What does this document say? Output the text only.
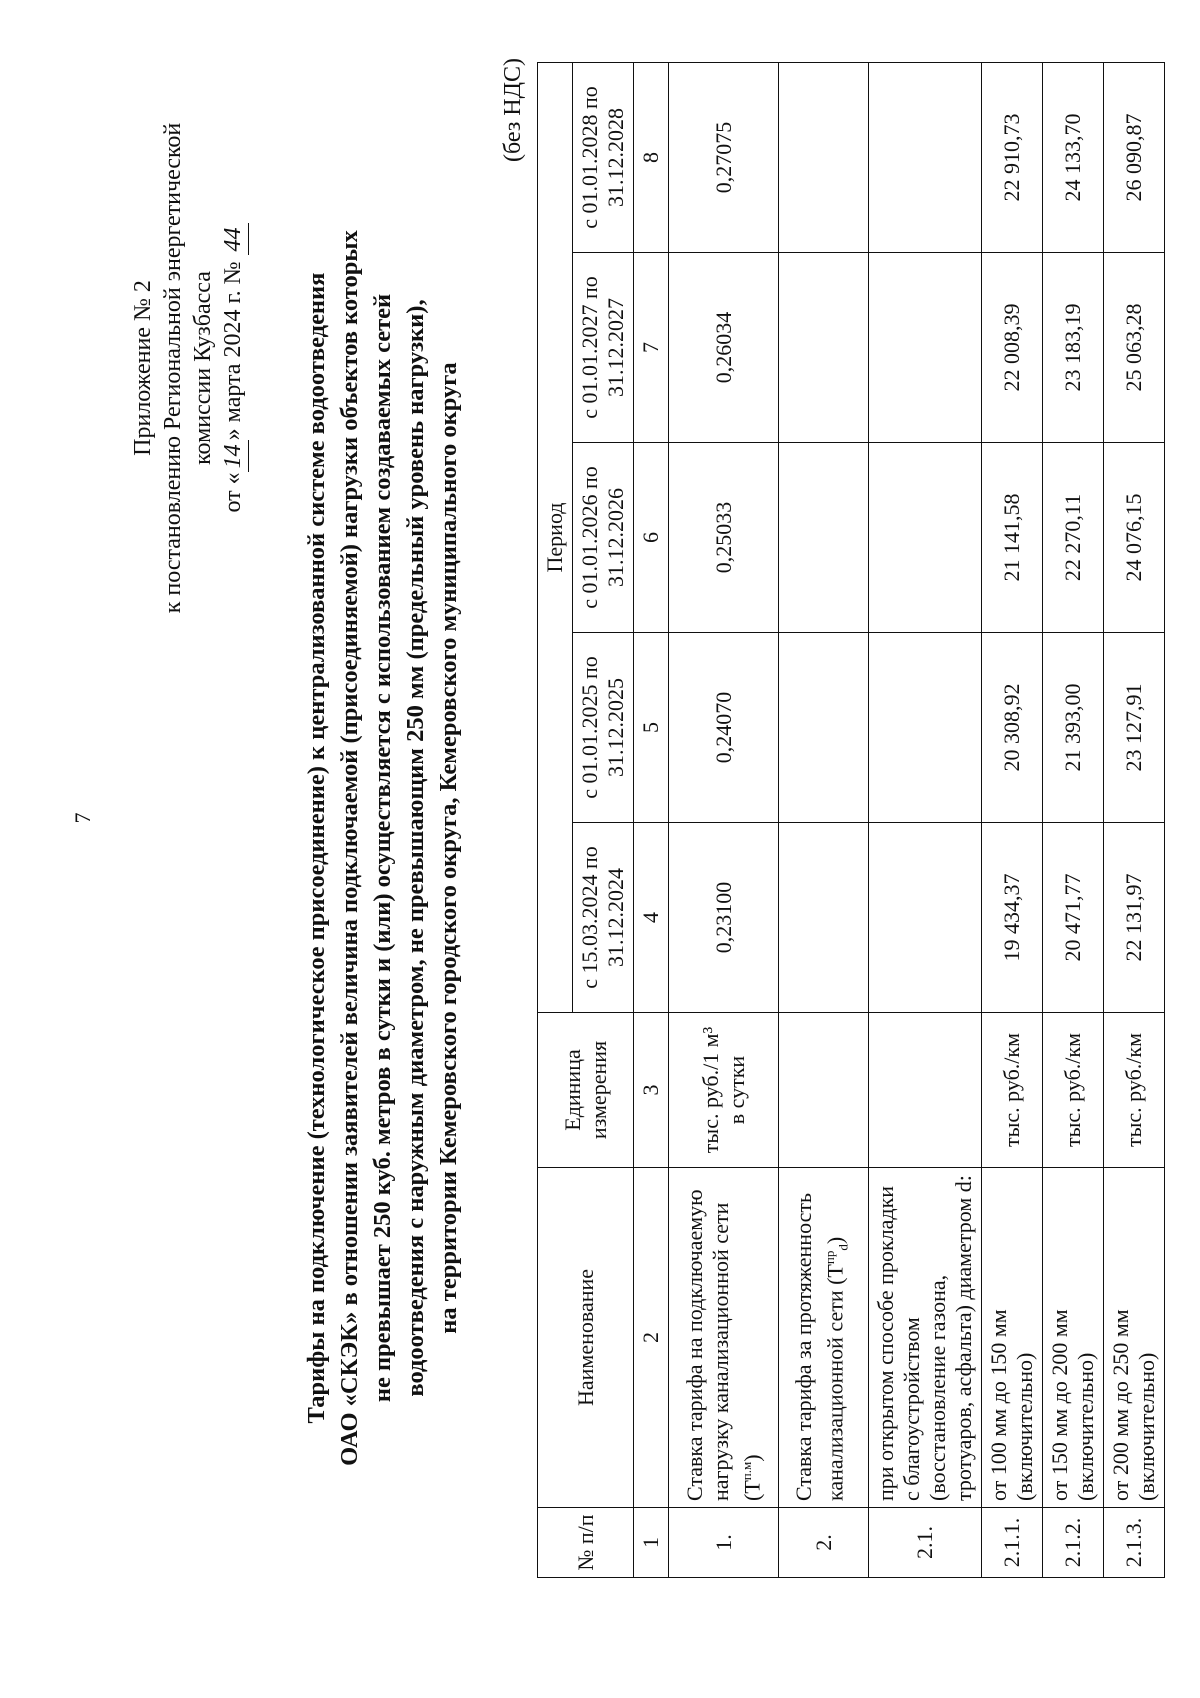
7
Приложение № 2 к постановлению Региональной энергетической комиссии Кузбасса
от «14» марта 2024 г. № 44
Тарифы на подключение (технологическое присоединение) к централизованной системе водоотведения ОАО «СКЭК» в отношении заявителей величина подключаемой (присоединяемой) нагрузки объектов которых не превышает 250 куб. метров в сутки и (или) осуществляется с использованием создаваемых сетей водоотведения с наружным диаметром, не превышающим 250 мм (предельный уровень нагрузки), на территории Кемеровского городского округа, Кемеровского муниципального округа
(без НДС)
№ п/п	Наименование	Единица измерения	Период				
			с 15.03.2024 по 31.12.2024	с 01.01.2025 по 31.12.2025	с 01.01.2026 по 31.12.2026	с 01.01.2027 по 31.12.2027	с 01.01.2028 по 31.12.2028
1	2	3	4	5	6	7	8
1.	Ставка тарифа на подключаемую нагрузку канализационной сети $(Т^{п.м})$	тыс. руб./1 м³ в сутки	0,23100	0,24070	0,25033	0,26034	0,27075
2.	Ставка тарифа за протяженность канализационной сети $(Т^{пр}_d)$						
2.1.	при открытом способе прокладки с благоустройством (восстановление газона, тротуаров, асфальта) диаметром d:						
2.1.1.	от 100 мм до 150 мм (включительно)	тыс. руб./км	19 434,37	20 308,92	21 141,58	22 008,39	22 910,73
2.1.2.	от 150 мм до 200 мм (включительно)	тыс. руб./км	20 471,77	21 393,00	22 270,11	23 183,19	24 133,70
2.1.3.	от 200 мм до 250 мм (включительно)	тыс. руб./км	22 131,97	23 127,91	24 076,15	25 063,28	26 090,87
